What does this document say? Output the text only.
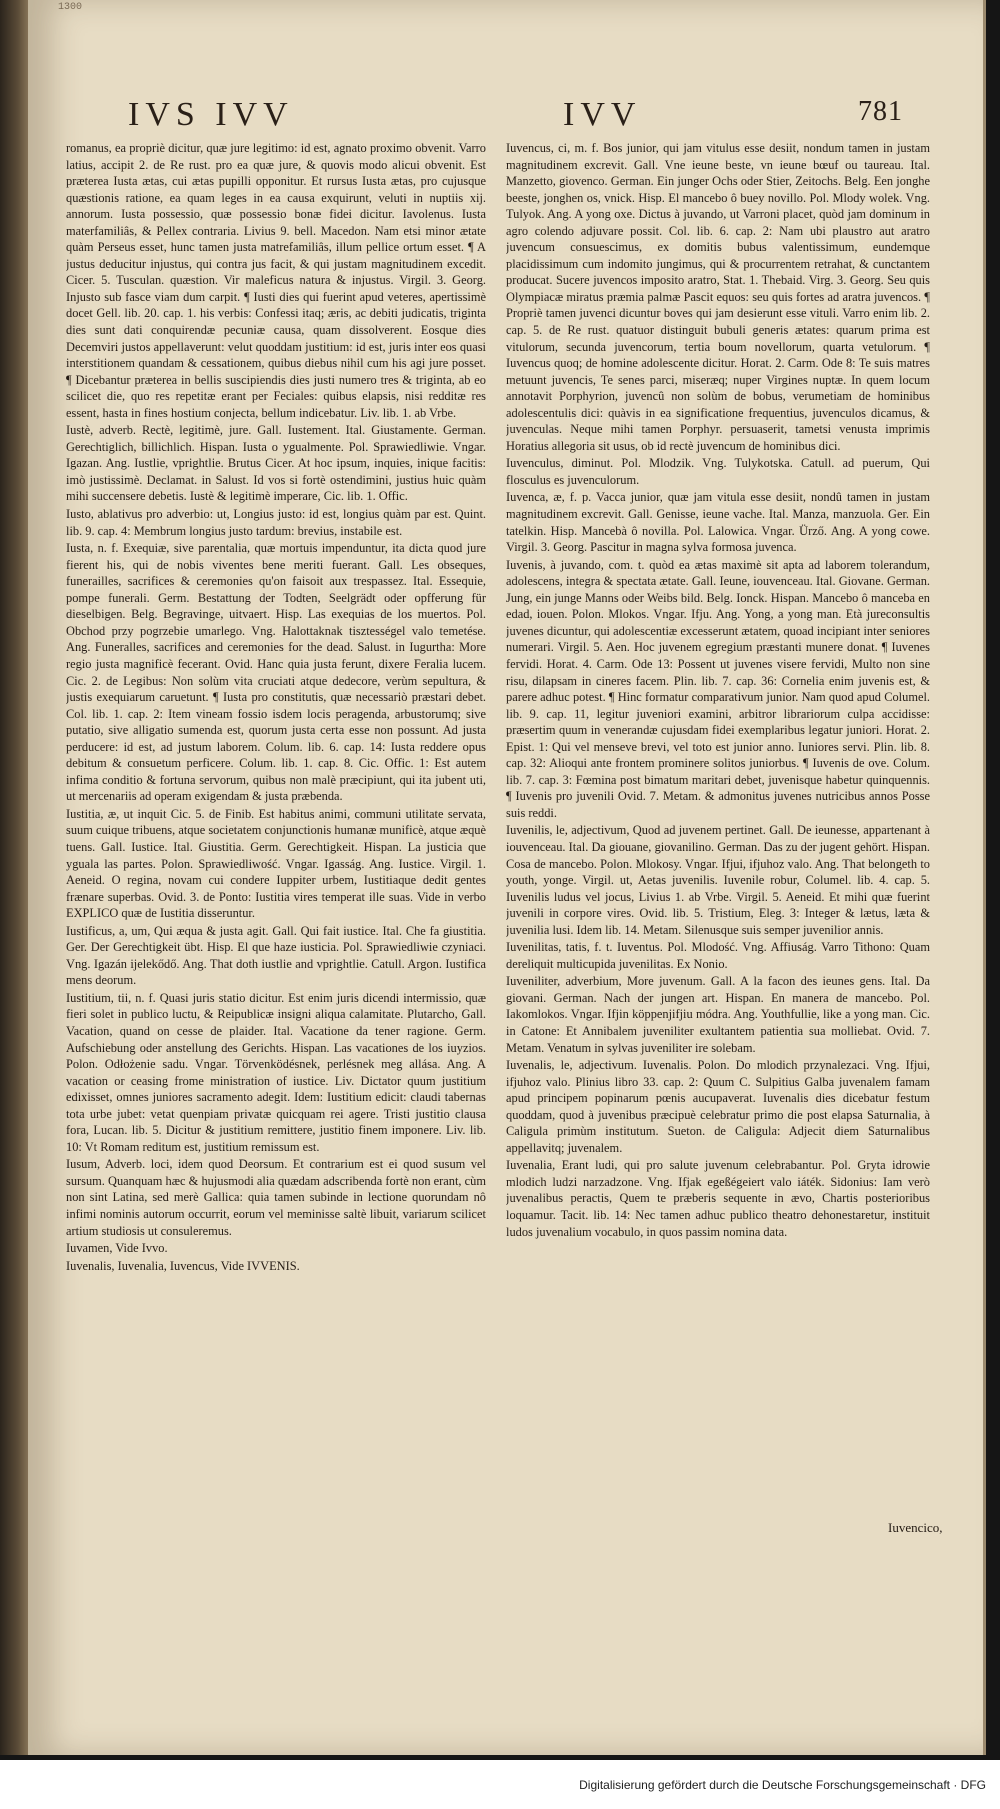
1300
IVS IVV	IVV	781

romanus, ea propriè dicitur, quæ jure legitimo: id est, agnato proximo obvenit. Varro latius, accipit 2. de Re rust. pro ea quæ jure, & quovis modo alicui obvenit. Est præterea Iusta ætas, cui ætas pupilli opponitur. Et rursus Iusta ætas, pro cujusque quæstionis ratione, ea quam leges in ea causa exquirunt, veluti in nuptiis xij. annorum. Iusta possessio, quæ possessio bonæ fidei dicitur. Iavolenus. Iusta materfamiliâs, & Pellex contraria. Livius 9. bell. Macedon. Nam etsi minor ætate quàm Perseus esset, hunc tamen justa matrefamiliâs, illum pellice ortum esset. ¶ A justus deducitur injustus, qui contra jus facit, & qui justam magnitudinem excedit. Cicer. 5. Tusculan. quæstion. Vir maleficus natura & injustus. Virgil. 3. Georg. Injusto sub fasce viam dum carpit. ¶ Iusti dies qui fuerint apud veteres, apertissimè docet Gell. lib. 20. cap. 1. his verbis: Confessi itaq; æris, ac debiti judicatis, triginta dies sunt dati conquirendæ pecuniæ causa, quam dissolverent. Eosque dies Decemviri justos appellaverunt: velut quoddam justitium: id est, juris inter eos quasi interstitionem quandam & cessationem, quibus diebus nihil cum his agi jure posset. ¶ Dicebantur præterea in bellis suscipiendis dies justi numero tres & triginta, ab eo scilicet die, quo res repetitæ erant per Feciales: quibus elapsis, nisi redditæ res essent, hasta in fines hostium conjecta, bellum indicebatur. Liv. lib. 1. ab Vrbe.

Iustè, adverb. Rectè, legitimè, jure. Gall. Iustement. Ital. Giustamente. German. Gerechtiglich, billichlich. Hispan. Iusta o ygualmente. Pol. Sprawiedliwie. Vngar. Igazan. Ang. Iustlie, vprightlie. Brutus Cicer. At hoc ipsum, inquies, inique facitis: imò justissimè. Declamat. in Salust. Id vos si fortè ostendimini, justius huic quàm mihi succensere debetis. Iustè & legitimè imperare, Cic. lib. 1. Offic.

Iusto, ablativus pro adverbio: ut, Longius justo: id est, longius quàm par est. Quint. lib. 9. cap. 4: Membrum longius justo tardum: brevius, instabile est.

Iusta, n. f. Exequiæ, sive parentalia, quæ mortuis impenduntur, ita dicta quod jure fierent his, qui de nobis viventes bene meriti fuerant. Gall. Les obseques, funerailles, sacrifices & ceremonies qu'on faisoit aux trespassez. Ital. Essequie, pompe funerali. Germ. Bestattung der Todten, Seelgrädt oder opfferung für dieselbigen. Belg. Begravinge, uitvaert. Hisp. Las exequias de los muertos. Pol. Obchod przy pogrzebie umarlego. Vng. Halottaknak tisztességel valo temetése. Ang. Funeralles, sacrifices and ceremonies for the dead. Salust. in Iugurtha: More regio justa magnificè fecerant. Ovid. Hanc quia justa ferunt, dixere Feralia lucem. Cic. 2. de Legibus: Non solùm vita cruciati atque dedecore, verùm sepultura, & justis exequiarum caruetunt. ¶ Iusta pro constitutis, quæ necessariò præstari debet. Col. lib. 1. cap. 2: Item vineam fossio isdem locis peragenda, arbustorumq; sive putatio, sive alligatio sumenda est, quorum justa certa esse non possunt. Ad justa perducere: id est, ad justum laborem. Colum. lib. 6. cap. 14: Iusta reddere opus debitum & consuetum perficere. Colum. lib. 1. cap. 8. Cic. Offic. 1: Est autem infima conditio & fortuna servorum, quibus non malè præcipiunt, qui ita jubent uti, ut mercenariis ad operam exigendam & justa præbenda.

Iustitia, æ, ut inquit Cic. 5. de Finib. Est habitus animi, communi utilitate servata, suum cuique tribuens, atque societatem conjunctionis humanæ munificè, atque æquè tuens. Gall. Iustice. Ital. Giustitia. Germ. Gerechtigkeit. Hispan. La justicia que yguala las partes. Polon. Sprawiedliwość. Vngar. Igasság. Ang. Iustice. Virgil. 1. Aeneid. O regina, novam cui condere Iuppiter urbem, Iustitiaque dedit gentes frænare superbas. Ovid. 3. de Ponto: Iustitia vires temperat ille suas. Vide in verbo EXPLICO quæ de Iustitia disseruntur.

Iustificus, a, um, Qui æqua & justa agit. Gall. Qui fait iustice. Ital. Che fa giustitia. Ger. Der Gerechtigkeit übt. Hisp. El que haze iusticia. Pol. Sprawiedliwie czyniaci. Vng. Igazán ijelekődő. Ang. That doth iustlie and vprightlie. Catull. Argon. Iustifica mens deorum.

Iustitium, tii, n. f. Quasi juris statio dicitur. Est enim juris dicendi intermissio, quæ fieri solet in publico luctu, & Reipublicæ insigni aliqua calamitate. Plutarcho, Gall. Vacation, quand on cesse de plaider. Ital. Vacatione da tener ragione. Germ. Aufschiebung oder anstellung des Gerichts. Hispan. Las vacationes de los iuyzios. Polon. Odłożenie sadu. Vngar. Törvenködésnek, perlésnek meg allása. Ang. A vacation or ceasing frome ministration of iustice. Liv. Dictator quum justitium edixisset, omnes juniores sacramento adegit. Idem: Iustitium edicit: claudi tabernas tota urbe jubet: vetat quenpiam privatæ quicquam rei agere. Tristi justitio clausa fora, Lucan. lib. 5. Dicitur & justitium remittere, justitio finem imponere. Liv. lib. 10: Vt Romam reditum est, justitium remissum est.

Iusum, Adverb. loci, idem quod Deorsum. Et contrarium est ei quod susum vel sursum. Quanquam hæc & hujusmodi alia quædam adscribenda fortè non erant, cùm non sint Latina, sed merè Gallica: quia tamen subinde in lectione quorundam nô infimi nominis autorum occurrit, eorum vel meminisse saltè libuit, variarum scilicet artium studiosis ut consuleremus.

Iuvamen, Vide Ivvo.

Iuvenalis, Iuvenalia, Iuvencus, Vide IVVENIS.

Iuvencus, ci, m. f. Bos junior, qui jam vitulus esse desiit, nondum tamen in justam magnitudinem excrevit. Gall. Vne ieune beste, vn ieune bœuf ou taureau. Ital. Manzetto, giovenco. German. Ein junger Ochs oder Stier, Zeitochs. Belg. Een jonghe beeste, jonghen os, vnick. Hisp. El mancebo ô buey novillo. Pol. Mlody wolek. Vng. Tulyok. Ang. A yong oxe. Dictus à juvando, ut Varroni placet, quòd jam dominum in agro colendo adjuvare possit. Col. lib. 6. cap. 2: Nam ubi plaustro aut aratro juvencum consuescimus, ex domitis bubus valentissimum, eundemque placidissimum cum indomito jungimus, qui & procurrentem retrahat, & cunctantem producat. Sucere juvencos imposito aratro, Stat. 1. Thebaid. Virg. 3. Georg. Seu quis Olympiacæ miratus præmia palmæ Pascit equos: seu quis fortes ad aratra juvencos. ¶ Propriè tamen juvenci dicuntur boves qui jam desierunt esse vituli. Varro enim lib. 2. cap. 5. de Re rust. quatuor distinguit bubuli generis ætates: quarum prima est vitulorum, secunda juvencorum, tertia boum novellorum, quarta vetulorum. ¶ Iuvencus quoq; de homine adolescente dicitur. Horat. 2. Carm. Ode 8: Te suis matres metuunt juvencis, Te senes parci, miseræq; nuper Virgines nuptæ. In quem locum annotavit Porphyrion, juvencû non solùm de bobus, verumetiam de hominibus adolescentulis dici: quàvis in ea significatione frequentius, juvenculos dicamus, & juvenculas. Neque mihi tamen Porphyr. persuaserit, tametsi venusta imprimis Horatius allegoria sit usus, ob id rectè juvencum de hominibus dici.

Iuvenculus, diminut. Pol. Mlodzik. Vng. Tulykotska. Catull. ad puerum, Qui flosculus es juvenculorum.

Iuvenca, æ, f. p. Vacca junior, quæ jam vitula esse desiit, nondû tamen in justam magnitudinem excrevit. Gall. Genisse, ieune vache. Ital. Manza, manzuola. Ger. Ein tatelkin. Hisp. Mancebà ô novilla. Pol. Lalowica. Vngar. Ürző. Ang. A yong cowe. Virgil. 3. Georg. Pascitur in magna sylva formosa juvenca.

Iuvenis, à juvando, com. t. quòd ea ætas maximè sit apta ad laborem tolerandum, adolescens, integra & spectata ætate. Gall. Ieune, iouvenceau. Ital. Giovane. German. Jung, ein junge Manns oder Weibs bild. Belg. Ionck. Hispan. Mancebo ô manceba en edad, iouen. Polon. Mlokos. Vngar. Ifju. Ang. Yong, a yong man. Età jureconsultis juvenes dicuntur, qui adolescentiæ excesserunt ætatem, quoad incipiant inter seniores numerari. Virgil. 5. Aen. Hoc juvenem egregium præstanti munere donat. ¶ Iuvenes fervidi. Horat. 4. Carm. Ode 13: Possent ut juvenes visere fervidi, Multo non sine risu, dilapsam in cineres facem. Plin. lib. 7. cap. 36: Cornelia enim juvenis est, & parere adhuc potest. ¶ Hinc formatur comparativum junior. Nam quod apud Columel. lib. 9. cap. 11, legitur juveniori examini, arbitror librariorum culpa accidisse: præsertim quum in venerandæ cujusdam fidei exemplaribus legatur juniori. Horat. 2. Epist. 1: Qui vel menseve brevi, vel toto est junior anno. Iuniores servi. Plin. lib. 8. cap. 32: Alioqui ante frontem prominere solitos juniorbus. ¶ Iuvenis de ove. Colum. lib. 7. cap. 3: Fœmina post bimatum maritari debet, juvenisque habetur quinquennis. ¶ Iuvenis pro juvenili Ovid. 7. Metam. & admonitus juvenes nutricibus annos Posse suis reddi.

Iuvenilis, le, adjectivum, Quod ad juvenem pertinet. Gall. De ieunesse, appartenant à iouvenceau. Ital. Da giouane, giovanilino. German. Das zu der jugent gehört. Hispan. Cosa de mancebo. Polon. Mlokosy. Vngar. Ifjui, ifjuhoz valo. Ang. That belongeth to youth, yonge. Virgil. ut, Aetas juvenilis. Iuvenile robur, Columel. lib. 4. cap. 5. Iuvenilis ludus vel jocus, Livius 1. ab Vrbe. Virgil. 5. Aeneid. Et mihi quæ fuerint juvenili in corpore vires. Ovid. lib. 5. Tristium, Eleg. 3: Integer & lætus, læta & juvenilia lusi. Idem lib. 14. Metam. Silenusque suis semper juvenilior annis.

Iuvenilitas, tatis, f. t. Iuventus. Pol. Mlodość. Vng. Affiuság. Varro Tithono: Quam dereliquit multicupida juvenilitas. Ex Nonio.

Iuveniliter, adverbium, More juvenum. Gall. A la facon des ieunes gens. Ital. Da giovani. German. Nach der jungen art. Hispan. En manera de mancebo. Pol. Iakomlokos. Vngar. Ifjin köppenjifjiu módra. Ang. Youthfullie, like a yong man. Cic. in Catone: Et Annibalem juveniliter exultantem patientia sua molliebat. Ovid. 7. Metam. Venatum in sylvas juveniliter ire solebam.

Iuvenalis, le, adjectivum. Iuvenalis. Polon. Do mlodich przynalezaci. Vng. Ifjui, ifjuhoz valo. Plinius libro 33. cap. 2: Quum C. Sulpitius Galba juvenalem famam apud principem popinarum pœnis aucupaverat. Iuvenalis dies dicebatur festum quoddam, quod à juvenibus præcipuè celebratur primo die post elapsa Saturnalia, à Caligula primùm institutum. Sueton. de Caligula: Adjecit diem Saturnalibus appellavitq; juvenalem.

Iuvenalia, Erant ludi, qui pro salute juvenum celebrabantur. Pol. Gryta idrowie mlodich ludzi narzadzone. Vng. Ifjak egeßégeiert valo iáték. Sidonius: Iam verò juvenalibus peractis, Quem te præberis sequente in ævo, Chartis posterioribus loquamur. Tacit. lib. 14: Nec tamen adhuc publico theatro dehonestaretur, instituit ludos juvenalium vocabulo, in quos passim nomina data.

Iuvencico,
Digitalisierung gefördert durch die Deutsche Forschungsgemeinschaft · DFG
